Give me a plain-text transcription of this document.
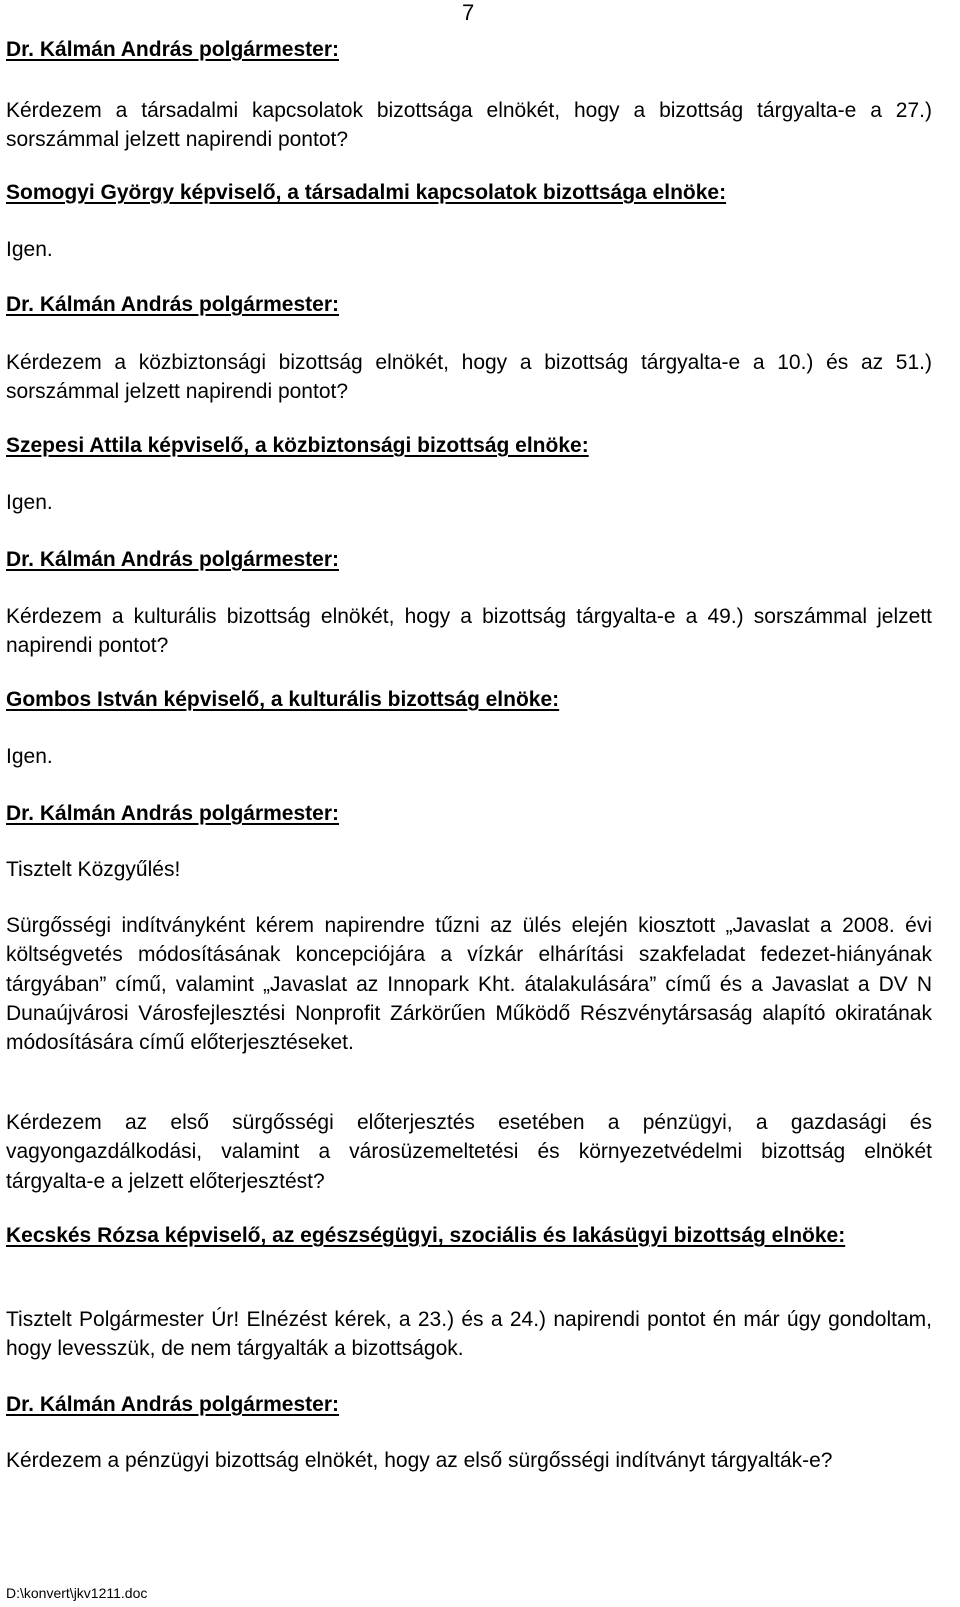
7

Dr. Kálmán András polgármester:

Kérdezem a társadalmi kapcsolatok bizottsága elnökét, hogy a bizottság tárgyalta-e a 27.) sorszámmal jelzett napirendi pontot?

Somogyi György képviselő, a társadalmi kapcsolatok bizottsága elnöke:

Igen.

Dr. Kálmán András polgármester:

Kérdezem a közbiztonsági bizottság elnökét, hogy a bizottság tárgyalta-e a 10.) és az 51.) sorszámmal jelzett napirendi pontot?

Szepesi Attila képviselő, a közbiztonsági bizottság elnöke:

Igen.

Dr. Kálmán András polgármester:

Kérdezem a kulturális bizottság elnökét, hogy a bizottság tárgyalta-e a 49.) sorszámmal jelzett napirendi pontot?

Gombos István képviselő, a kulturális bizottság elnöke:

Igen.

Dr. Kálmán András polgármester:

Tisztelt Közgyűlés!

Sürgősségi indítványként kérem napirendre tűzni az ülés elején kiosztott „Javaslat a 2008. évi költségvetés módosításának koncepciójára a vízkár elhárítási szakfeladat fedezet-hiányának tárgyában” című, valamint „Javaslat az Innopark Kht. átalakulására” című és a Javaslat a DV N Dunaújvárosi Városfejlesztési Nonprofit Zárkörűen Működő Részvénytársaság alapító okiratának módosítására című előterjesztéseket.

Kérdezem az első sürgősségi előterjesztés esetében a pénzügyi, a gazdasági és vagyongazdálkodási, valamint a városüzemeltetési és környezetvédelmi bizottság elnökét tárgyalta-e a jelzett előterjesztést?

Kecskés Rózsa képviselő, az egészségügyi, szociális és lakásügyi bizottság elnöke:

Tisztelt Polgármester Úr! Elnézést kérek, a 23.) és a 24.) napirendi pontot én már úgy gondoltam, hogy levesszük, de nem tárgyalták a bizottságok.

Dr. Kálmán András polgármester:

Kérdezem a pénzügyi bizottság elnökét, hogy az első sürgősségi indítványt tárgyalták-e?

D:\konvert\jkv1211.doc
